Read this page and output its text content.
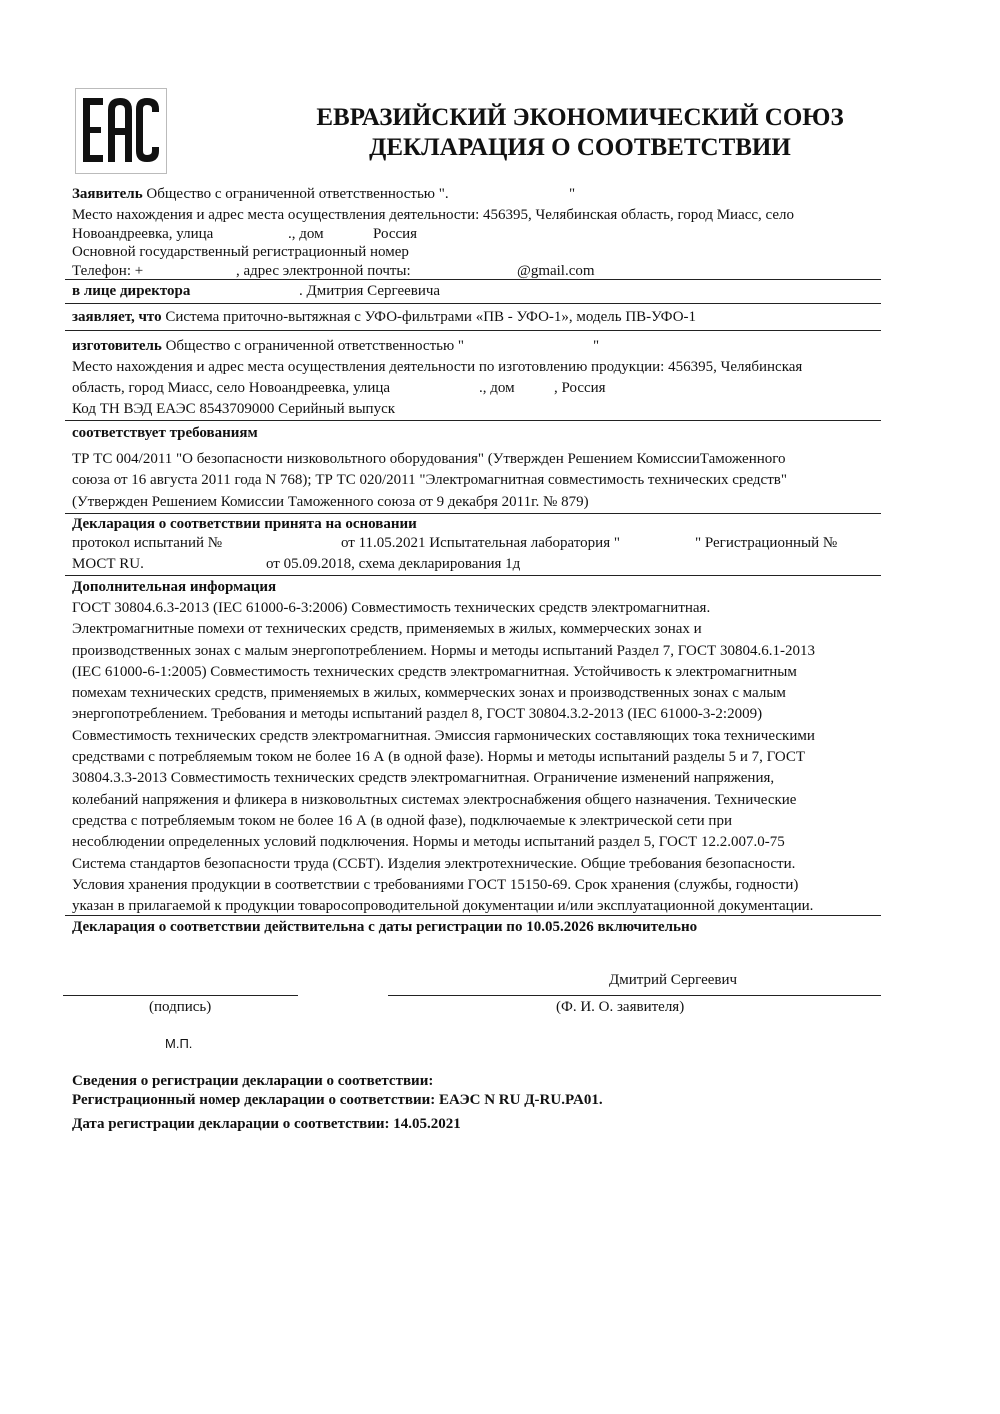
ЕВРАЗИЙСКИЙ ЭКОНОМИЧЕСКИЙ СОЮЗ
ДЕКЛАРАЦИЯ О СООТВЕТСТВИИ
Заявитель Общество с ограниченной ответственностью ".	"
Место нахождения и адрес места осуществления деятельности: 456395, Челябинская область, город Миасс, село
Новоандреевка, улица	., дом	Россия
Основной государственный регистрационный номер
Телефон: +	, адрес электронной почты:	@gmail.com
в лице директора	. Дмитрия Сергеевича
заявляет, что Система приточно-вытяжная с УФО-фильтрами «ПВ - УФО-1», модель ПВ-УФО-1
изготовитель Общество с ограниченной ответственностью "	"
Место нахождения и адрес места осуществления деятельности по изготовлению продукции: 456395, Челябинская
область, город Миасс, село Новоандреевка, улица	., дом	, Россия
Код ТН ВЭД ЕАЭС 8543709000 Серийный выпуск
соответствует требованиям
ТР ТС 004/2011 "О безопасности низковольтного оборудования" (Утвержден Решением КомиссииТаможенного
союза от 16 августа 2011 года N 768); ТР ТС 020/2011 "Электромагнитная совместимость технических средств"
(Утвержден Решением Комиссии Таможенного союза от 9 декабря 2011г. № 879)
Декларация о соответствии принята на основании
протокол испытаний №	от 11.05.2021 Испытательная лаборатория "	" Регистрационный №
МОСТ RU.	от 05.09.2018, схема декларирования 1д
Дополнительная информация
ГОСТ 30804.6.3-2013 (IEC 61000-6-3:2006) Совместимость технических средств электромагнитная.
Электромагнитные помехи от технических средств, применяемых в жилых, коммерческих зонах и
производственных зонах с малым энергопотреблением. Нормы и методы испытаний Раздел 7, ГОСТ 30804.6.1-2013
(IEC 61000-6-1:2005) Совместимость технических средств электромагнитная. Устойчивость к электромагнитным
помехам технических средств, применяемых в жилых, коммерческих зонах и производственных зонах с малым
энергопотреблением. Требования и методы испытаний раздел 8, ГОСТ 30804.3.2-2013 (IEC 61000-3-2:2009)
Совместимость технических средств электромагнитная. Эмиссия гармонических составляющих тока техническими
средствами с потребляемым током не более 16 А (в одной фазе). Нормы и методы испытаний разделы 5 и 7, ГОСТ
30804.3.3-2013 Совместимость технических средств электромагнитная. Ограничение изменений напряжения,
колебаний напряжения и фликера в низковольтных системах электроснабжения общего назначения. Технические
средства с потребляемым током не более 16 А (в одной фазе), подключаемые к электрической сети при
несоблюдении определенных условий подключения. Нормы и методы испытаний раздел 5, ГОСТ 12.2.007.0-75
Система стандартов безопасности труда (ССБТ). Изделия электротехнические. Общие требования безопасности.
Условия хранения продукции в соответствии с требованиями ГОСТ 15150-69. Срок хранения (службы, годности)
указан в прилагаемой к продукции товаросопроводительной документации и/или эксплуатационной документации.
Декларация о соответствии действительна с даты регистрации по 10.05.2026 включительно
Дмитрий Сергеевич
(подпись)	(Ф. И. О. заявителя)
М.П.
Сведения о регистрации декларации о соответствии:
Регистрационный номер декларации о соответствии: ЕАЭС N RU Д-RU.PA01.
Дата регистрации декларации о соответствии: 14.05.2021
